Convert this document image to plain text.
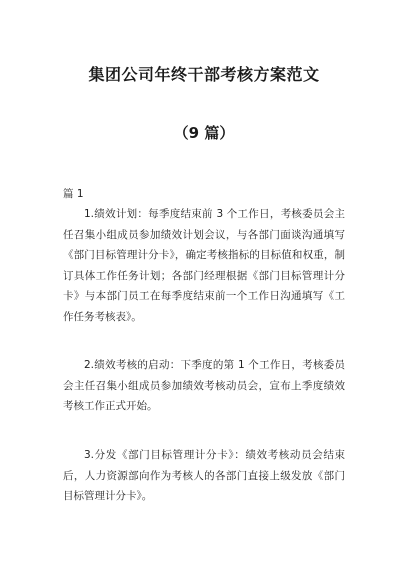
集团公司年终干部考核方案范文
（9 篇）
篇 1

1.绩效计划：每季度结束前 3 个工作日，考核委员会主任召集小组成员参加绩效计划会议，与各部门面谈沟通填写《部门目标管理计分卡》，确定考核指标的目标值和权重，制订具体工作任务计划；各部门经理根据《部门目标管理计分卡》与本部门员工在每季度结束前一个工作日沟通填写《工作任务考核表》。

2.绩效考核的启动：下季度的第 1 个工作日，考核委员会主任召集小组成员参加绩效考核动员会，宣布上季度绩效考核工作正式开始。

3.分发《部门目标管理计分卡》：绩效考核动员会结束后，人力资源部向作为考核人的各部门直接上级发放《部门目标管理计分卡》。
